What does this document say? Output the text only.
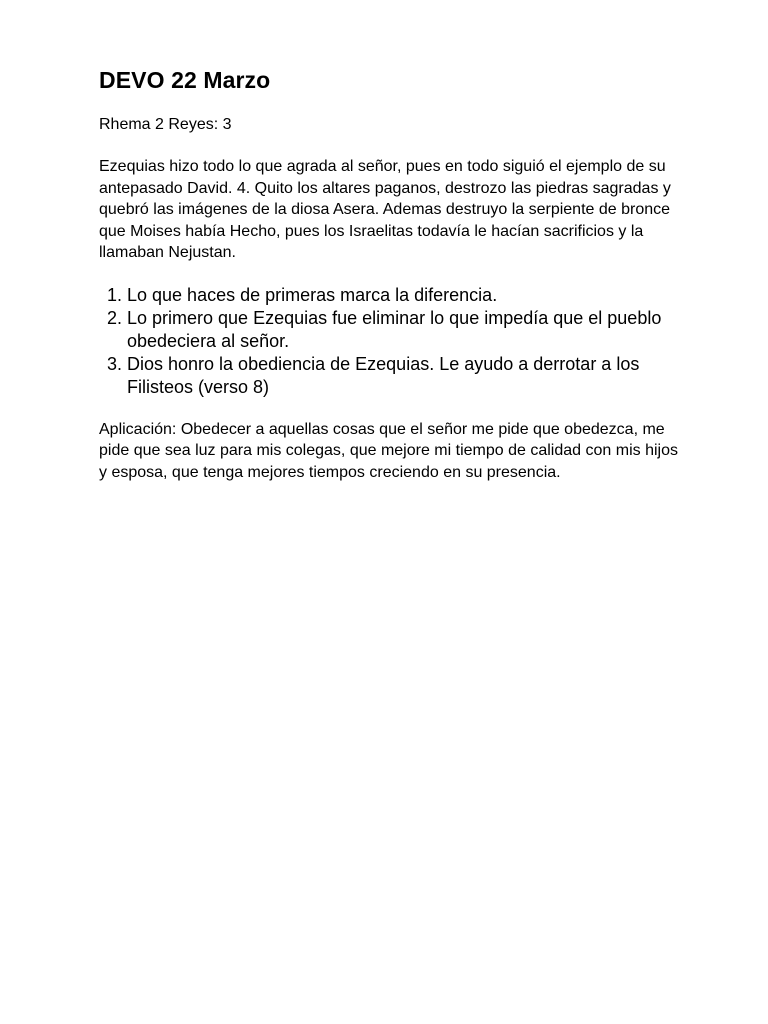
DEVO 22 Marzo

Rhema 2 Reyes: 3

Ezequias hizo todo lo que agrada al señor, pues en todo siguió el ejemplo de su antepasado David. 4. Quito los altares paganos, destrozo las piedras sagradas y quebró las imágenes de la diosa Asera. Ademas destruyo la serpiente de bronce que Moises había Hecho, pues los Israelitas todavía le hacían sacrificios y la llamaban Nejustan.

1. Lo que haces de primeras marca la diferencia.
2. Lo primero que Ezequias fue eliminar lo que impedía que el pueblo obedeciera al señor.
3. Dios honro la obediencia de Ezequias. Le ayudo a derrotar a los Filisteos (verso 8)

Aplicación: Obedecer a aquellas cosas que el señor me pide que obedezca, me pide que sea luz para mis colegas, que mejore mi tiempo de calidad con mis hijos y esposa, que tenga mejores tiempos creciendo en su presencia.
